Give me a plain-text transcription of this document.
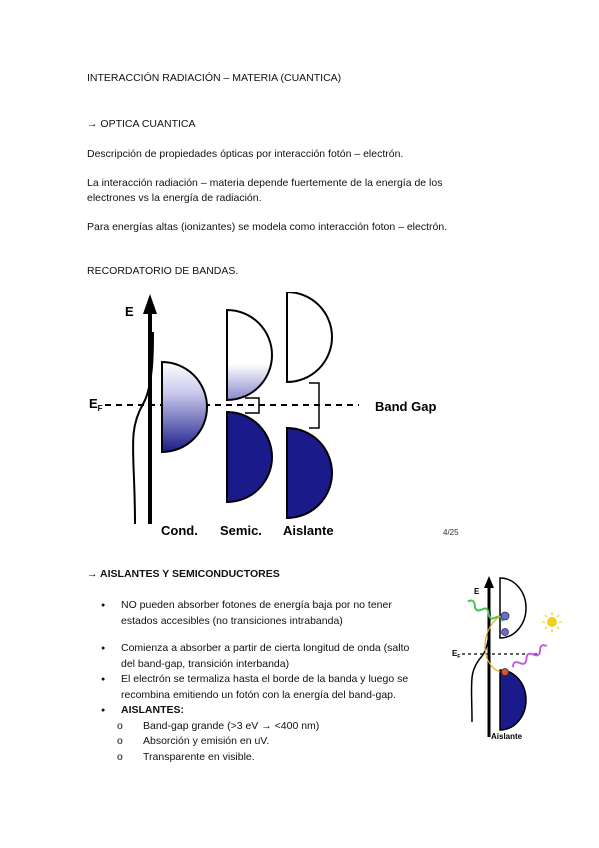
INTERACCIÓN RADIACIÓN – MATERIA (CUANTICA)
→ OPTICA CUANTICA
Descripción de propiedades ópticas por interacción fotón – electrón.
La interacción radiación – materia depende fuertemente de la energía de los
electrones vs la energía de radiación.
Para energías altas (ionizantes) se modela como interacción foton – electrón.
RECORDATORIO DE BANDAS.
E
$E_F$	Band Gap
Cond. Semic. Aislante	4/25
→ AISLANTES Y SEMICONDUCTORES
● NO pueden absorber fotones de energía baja por no tener
estados accesibles (no transiciones intrabanda)
● Comienza a absorber a partir de cierta longitud de onda (salto
del band-gap, transición interbanda)
● El electrón se termaliza hasta el borde de la banda y luego se
recombina emitiendo un fotón con la energía del band-gap.
● AISLANTES:
o Band-gap grande (>3 eV → <400 nm)
o Absorción y emisión en uV.
o Transparente en visible.
E
$E_F$
Aislante
